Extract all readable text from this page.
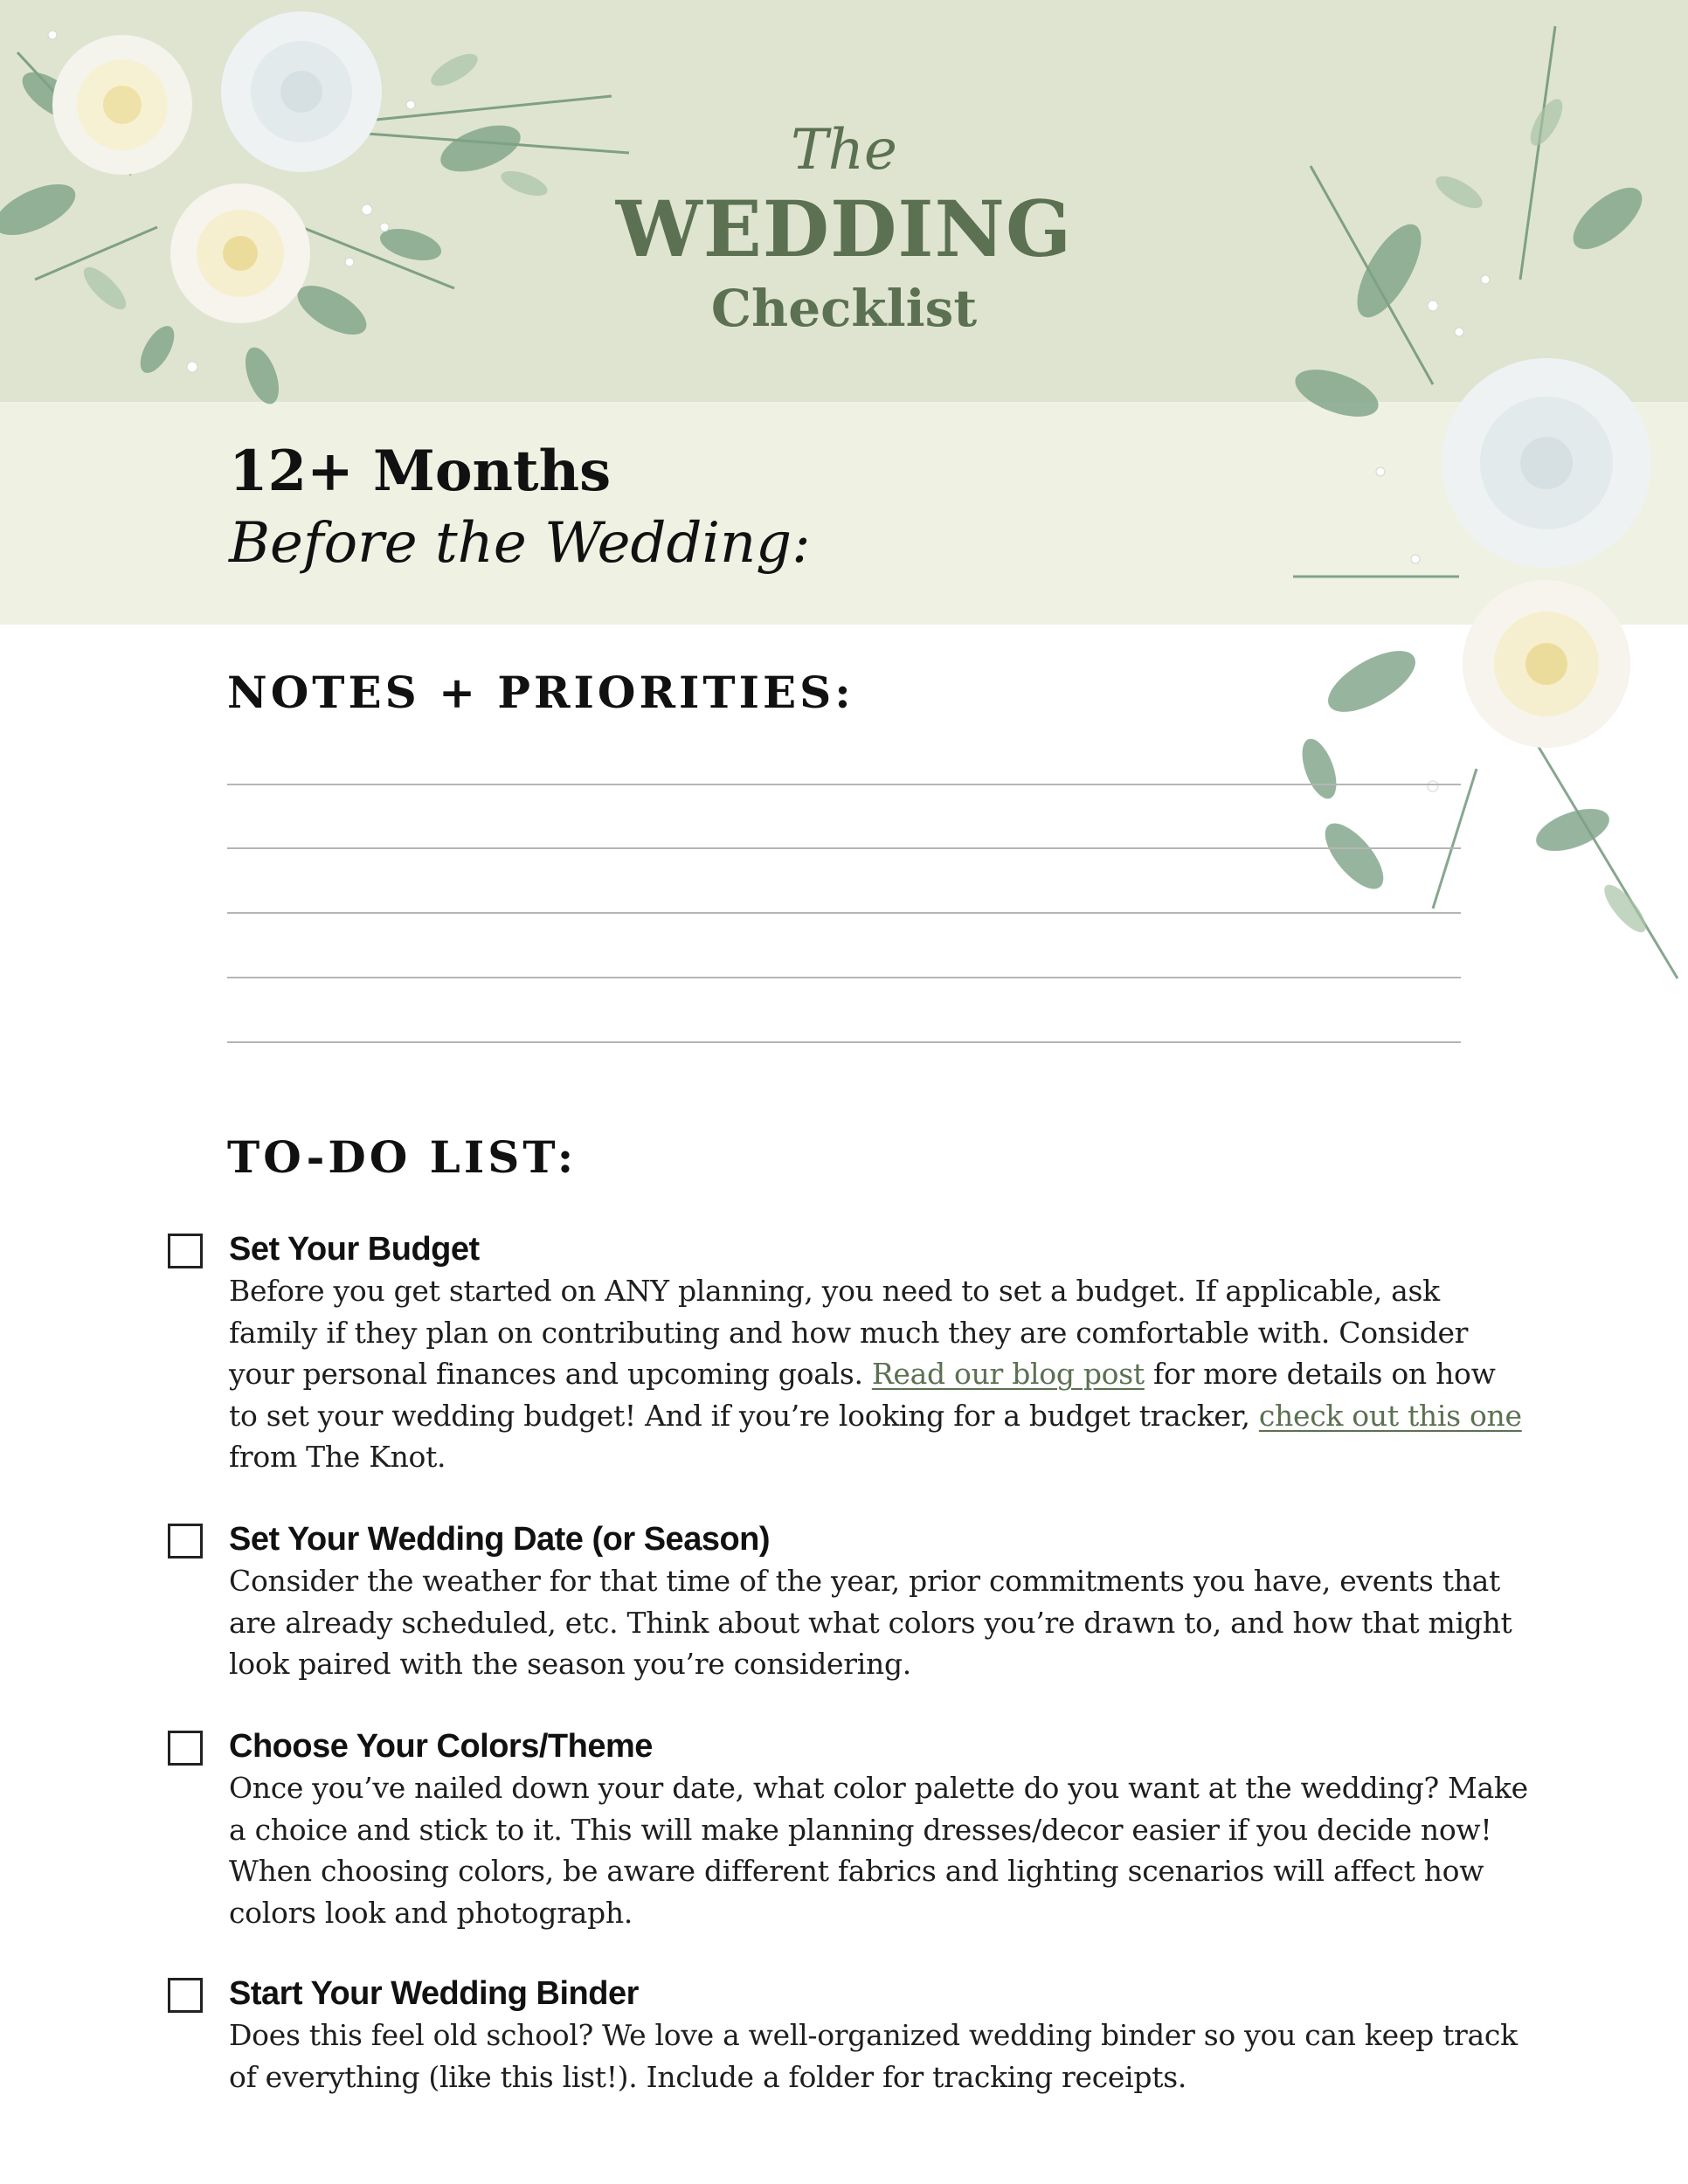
The
WEDDING
Checklist
12+ Months
Before the Wedding:
NOTES + PRIORITIES:
TO-DO LIST:
Set Your Budget
Before you get started on ANY planning, you need to set a budget. If applicable, ask family if they plan on contributing and how much they are comfortable with. Consider your personal finances and upcoming goals. Read our blog post for more details on how to set your wedding budget! And if you’re looking for a budget tracker, check out this one from The Knot.
Set Your Wedding Date (or Season)
Consider the weather for that time of the year, prior commitments you have, events that are already scheduled, etc. Think about what colors you’re drawn to, and how that might look paired with the season you’re considering.
Choose Your Colors/Theme
Once you’ve nailed down your date, what color palette do you want at the wedding? Make a choice and stick to it. This will make planning dresses/decor easier if you decide now! When choosing colors, be aware different fabrics and lighting scenarios will affect how colors look and photograph.
Start Your Wedding Binder
Does this feel old school? We love a well-organized wedding binder so you can keep track of everything (like this list!). Include a folder for tracking receipts.
